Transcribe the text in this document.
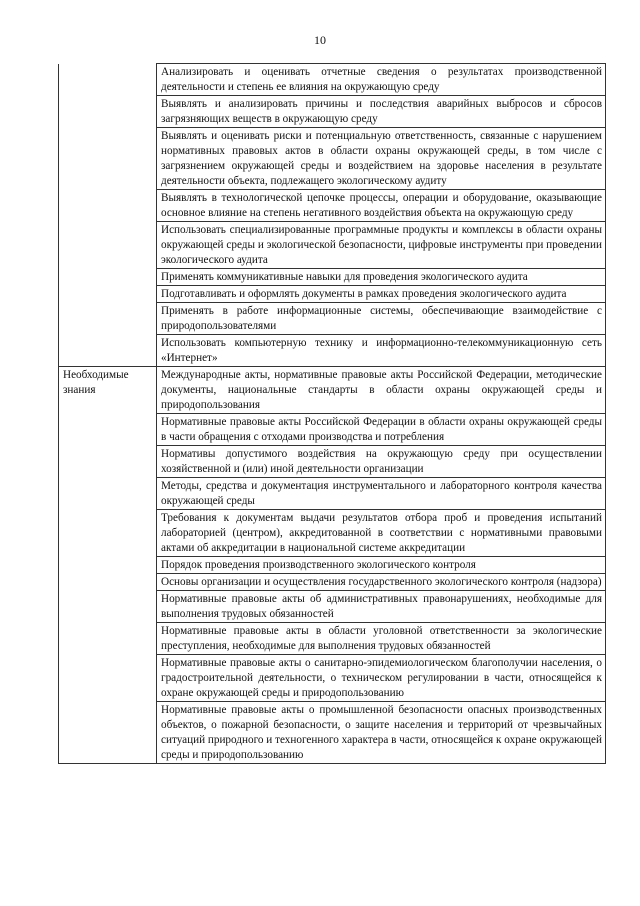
10

	Анализировать и оценивать отчетные сведения о результатах производственной деятельности и степень ее влияния на окружающую среду

	Выявлять и анализировать причины и последствия аварийных выбросов и сбросов загрязняющих веществ в окружающую среду

	Выявлять и оценивать риски и потенциальную ответственность, связанные с нарушением нормативных правовых актов в области охраны окружающей среды, в том числе с загрязнением окружающей среды и воздействием на здоровье населения в результате деятельности объекта, подлежащего экологическому аудиту

	Выявлять в технологической цепочке процессы, операции и оборудование, оказывающие основное влияние на степень негативного воздействия объекта на окружающую среду

	Использовать специализированные программные продукты и комплексы в области охраны окружающей среды и экологической безопасности, цифровые инструменты при проведении экологического аудита

	Применять коммуникативные навыки для проведения экологического аудита

	Подготавливать и оформлять документы в рамках проведения экологического аудита

	Применять в работе информационные системы, обеспечивающие взаимодействие с природопользователями

	Использовать компьютерную технику и информационно-телекоммуникационную сеть «Интернет»

Необходимые знания	Международные акты, нормативные правовые акты Российской Федерации, методические документы, национальные стандарты в области охраны окружающей среды и природопользования

	Нормативные правовые акты Российской Федерации в области охраны окружающей среды в части обращения с отходами производства и потребления

	Нормативы допустимого воздействия на окружающую среду при осуществлении хозяйственной и (или) иной деятельности организации

	Методы, средства и документация инструментального и лабораторного контроля качества окружающей среды

	Требования к документам выдачи результатов отбора проб и проведения испытаний лабораторией (центром), аккредитованной в соответствии с нормативными правовыми актами об аккредитации в национальной системе аккредитации

	Порядок проведения производственного экологического контроля

	Основы организации и осуществления государственного экологического контроля (надзора)

	Нормативные правовые акты об административных правонарушениях, необходимые для выполнения трудовых обязанностей

	Нормативные правовые акты в области уголовной ответственности за экологические преступления, необходимые для выполнения трудовых обязанностей

	Нормативные правовые акты о санитарно-эпидемиологическом благополучии населения, о градостроительной деятельности, о техническом регулировании в части, относящейся к охране окружающей среды и природопользованию

	Нормативные правовые акты о промышленной безопасности опасных производственных объектов, о пожарной безопасности, о защите населения и территорий от чрезвычайных ситуаций природного и техногенного характера в части, относящейся к охране окружающей среды и природопользованию
